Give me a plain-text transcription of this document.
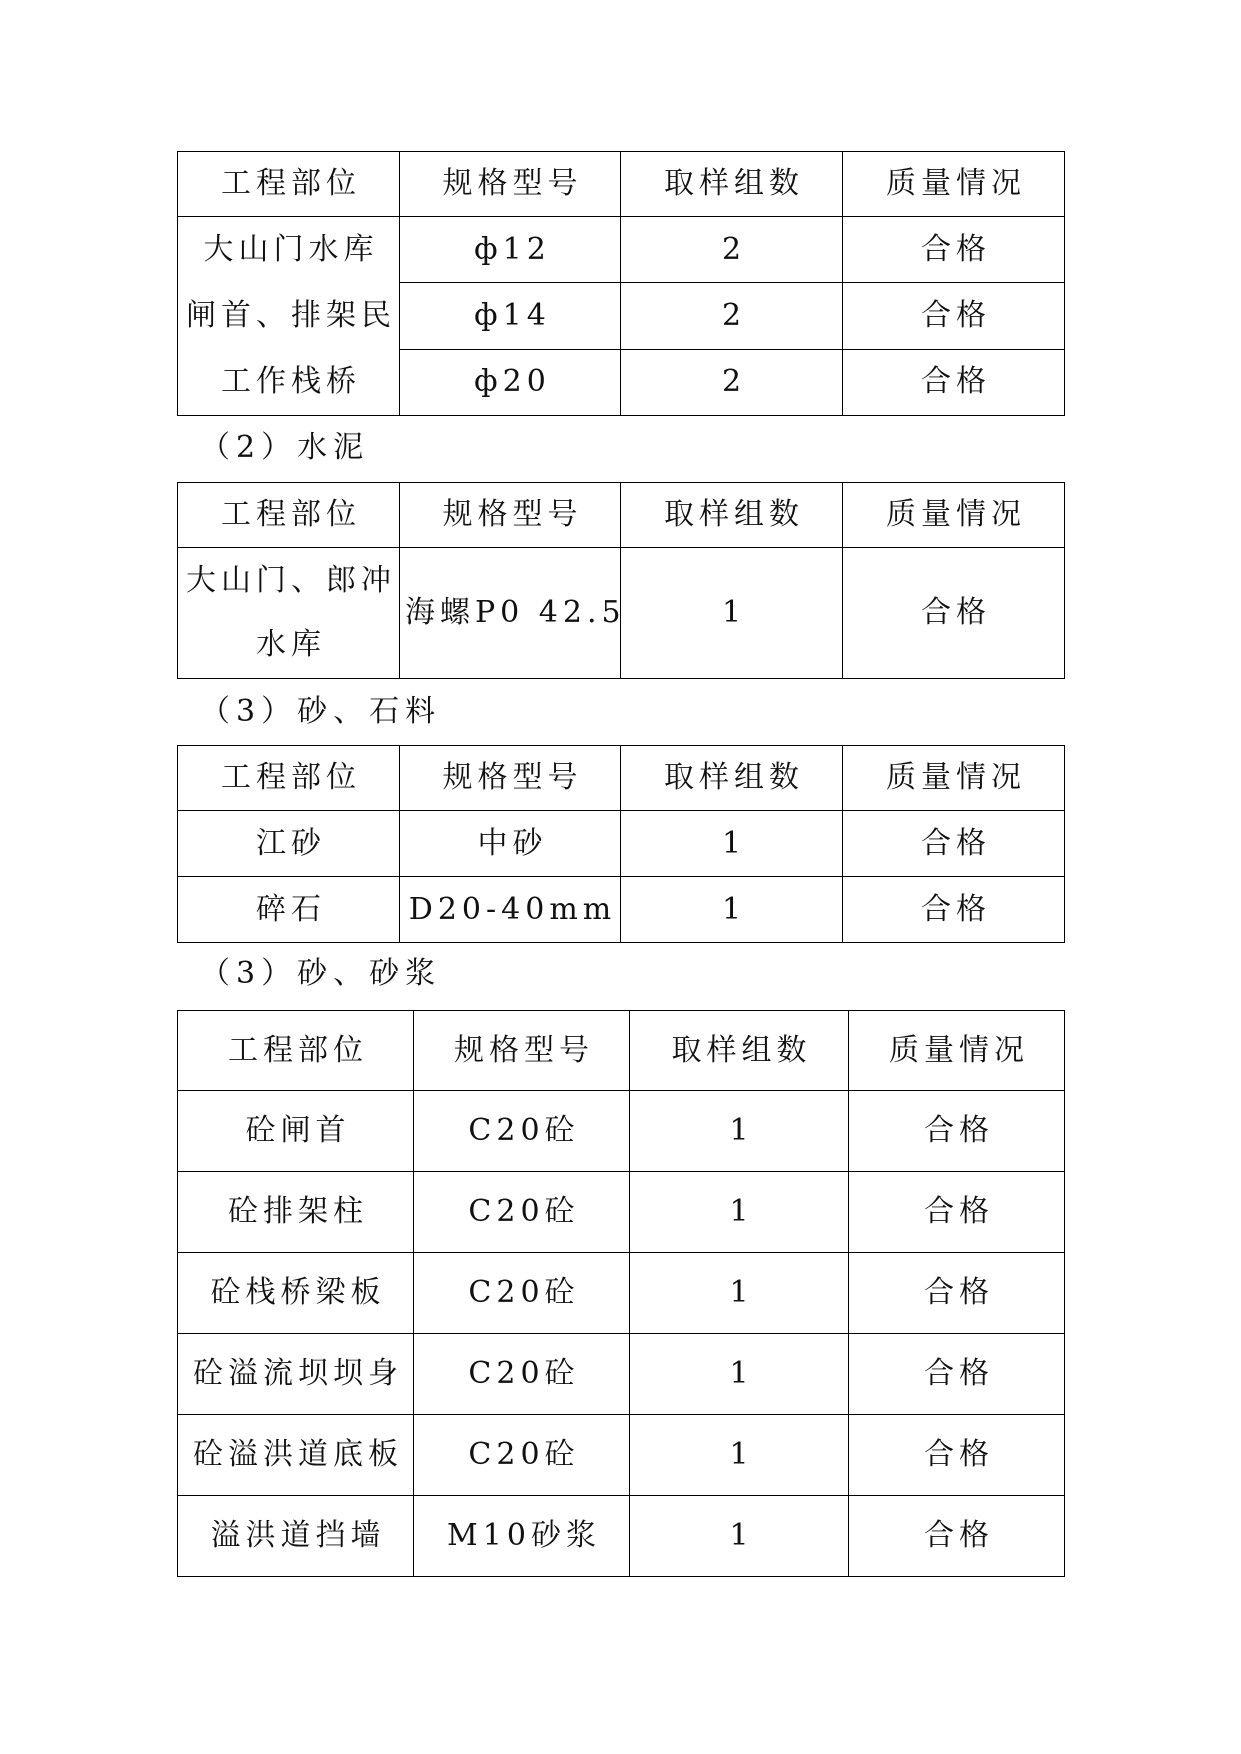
工程部位	规格型号	取样组数	质量情况

大山门水库
闸首、排架民
工作栈桥	ф12	2	合格
	ф14	2	合格
	ф20	2	合格
（2）水泥
工程部位	规格型号	取样组数	质量情况

大山门、郎冲
水库	海螺P0 42.5	1	合格
（3）砂、石料
工程部位	规格型号	取样组数	质量情况
江砂	中砂	1	合格
碎石	D20-40mm	1	合格
（3）砂、砂浆
工程部位	规格型号	取样组数	质量情况
砼闸首	C20砼	1	合格
砼排架柱	C20砼	1	合格
砼栈桥梁板	C20砼	1	合格
砼溢流坝坝身	C20砼	1	合格
砼溢洪道底板	C20砼	1	合格
溢洪道挡墙	M10砂浆	1	合格
